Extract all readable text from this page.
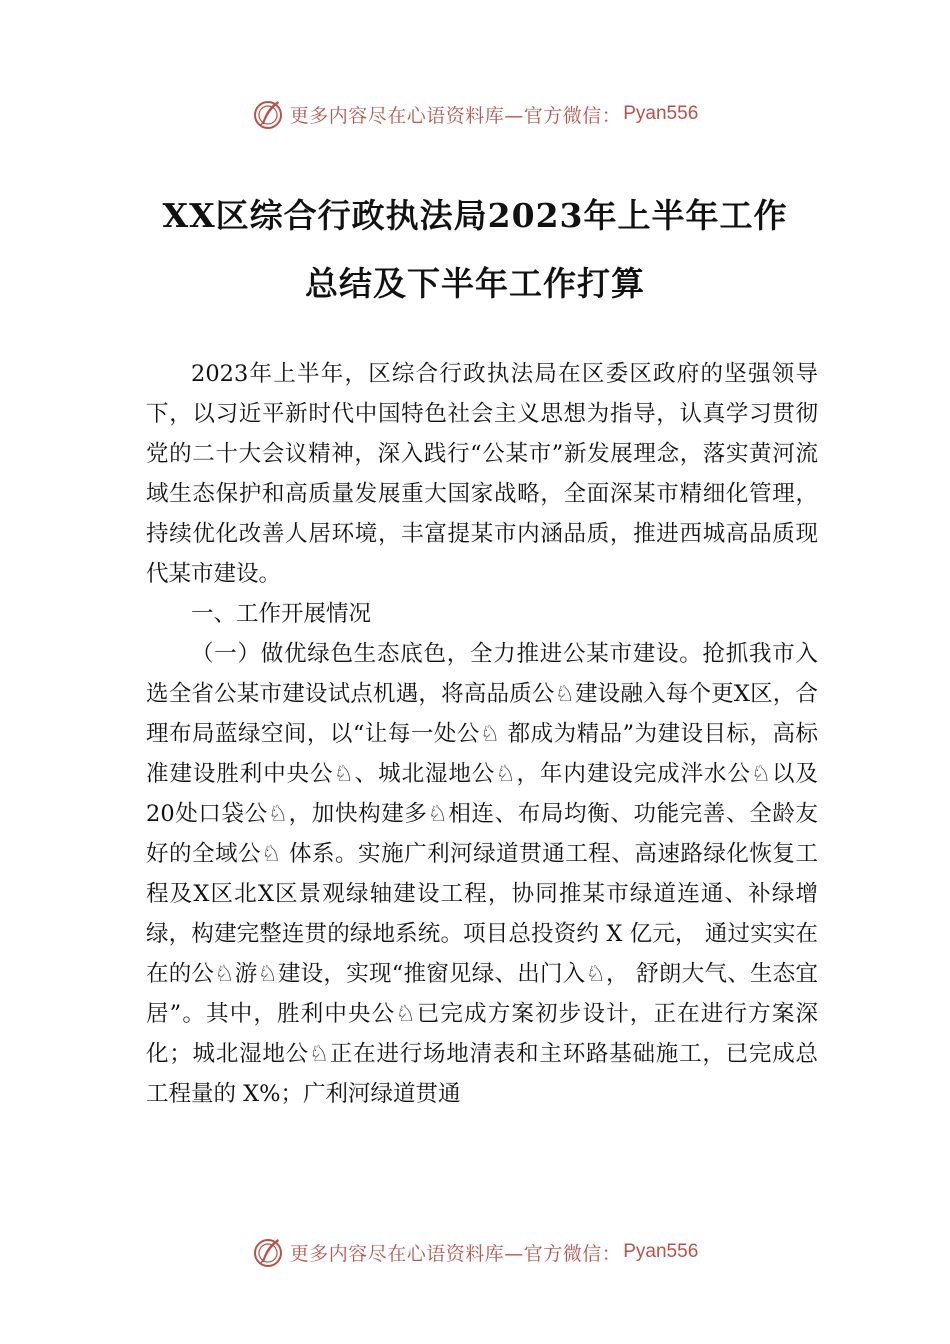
更多内容尽在心语资料库—官方微信： Pyan556
XX区综合行政执法局2023年上半年工作
总结及下半年工作打算

2023年上半年，区综合行政执法局在区委区政府的坚强领导下，以习近平新时代中国特色社会主义思想为指导，认真学习贯彻党的二十大会议精神，深入践行“公某市”新发展理念，落实黄河流域生态保护和高质量发展重大国家战略，全面深某市精细化管理，持续优化改善人居环境，丰富提某市内涵品质，推进西城高品质现代某市建设。

一、工作开展情况

（一）做优绿色生态底色，全力推进公某市建设。抢抓我市入选全省公某市建设试点机遇，将高品质公♘建设融入每个更Ⅹ区，合理布局蓝绿空间，以“让每一处公♘ 都成为精品”为建设目标，高标准建设胜利中央公♘、城北湿地公♘，年内建设完成泮水公♘以及 20处口袋公♘，加快构建多♘相连、布局均衡、功能完善、全龄友好的全域公♘ 体系。实施广利河绿道贯通工程、高速路绿化恢复工程及Ⅹ区北Ⅹ区景观绿轴建设工程，协同推某市绿道连通、补绿增绿，构建完整连贯的绿地系统。项目总投资约 X 亿元， 通过实实在在的公♘游♘建设，实现“推窗见绿、出门入♘， 舒朗大气、生态宜居”。其中，胜利中央公♘已完成方案初步设计，正在进行方案深化；城北湿地公♘正在进行场地清表和主环路基础施工，已完成总工程量的 X%；广利河绿道贯通

更多内容尽在心语资料库—官方微信： Pyan556
